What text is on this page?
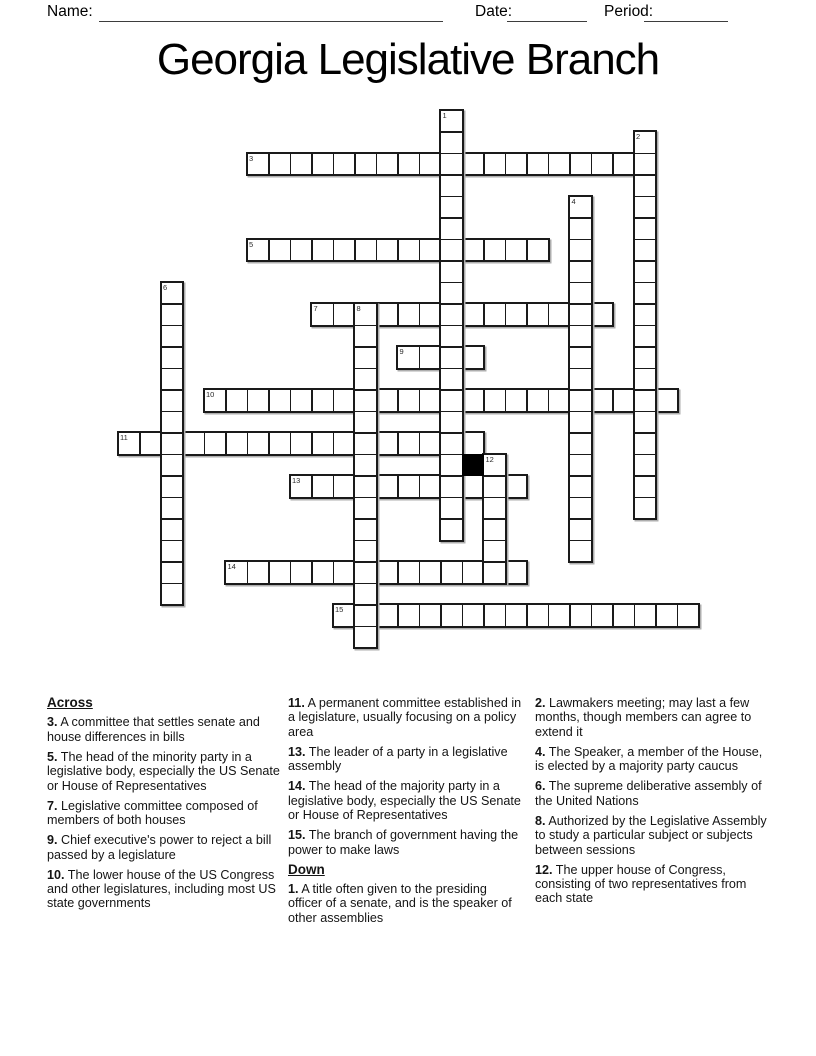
Name:	Date:	Period:
Georgia Legislative Branch
3
5
7
9
10
11
13
14
15
1
2
4
6
8
12
Across

3. A committee that settles senate and house differences in bills

5. The head of the minority party in a legislative body, especially the US Senate or House of Representatives

7. Legislative committee composed of members of both houses

9. Chief executive's power to reject a bill passed by a legislature

10. The lower house of the US Congress and other legislatures, including most US state governments

11. A permanent committee established in a legislature, usually focusing on a policy area

13. The leader of a party in a legislative assembly

14. The head of the majority party in a legislative body, especially the US Senate or House of Representatives

15. The branch of government having the power to make laws

Down

1. A title often given to the presiding officer of a senate, and is the speaker of other assemblies

2. Lawmakers meeting; may last a few months, though members can agree to extend it

4. The Speaker, a member of the House, is elected by a majority party caucus

6. The supreme deliberative assembly of the United Nations

8. Authorized by the Legislative Assembly to study a particular subject or subjects between sessions

12. The upper house of Congress, consisting of two representatives from each state
